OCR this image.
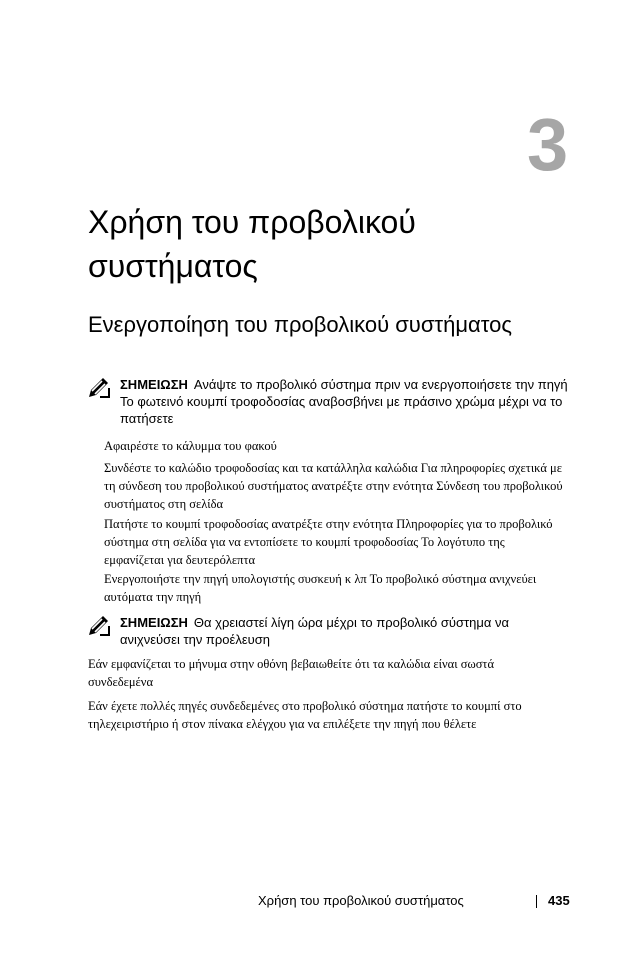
3
Χρήση του προβολικού συστήματος
Ενεργοποίηση του προβολικού συστήματος
ΣΗΜΕΙΩΣΗ Ανάψτε το προβολικό σύστημα πριν να ενεργοποιήσετε την πηγή Το φωτεινό κουμπί τροφοδοσίας αναβοσβήνει με πράσινο χρώμα μέχρι να το πατήσετε
Αφαιρέστε το κάλυμμα του φακού
Συνδέστε το καλώδιο τροφοδοσίας και τα κατάλληλα καλώδια Για πληροφορίες σχετικά με τη σύνδεση του προβολικού συστήματος ανατρέξτε στην ενότητα Σύνδεση του προβολικού συστήματος στη σελίδα
Πατήστε το κουμπί τροφοδοσίας ανατρέξτε στην ενότητα Πληροφορίες για το προβολικό σύστημα στη σελίδα για να εντοπίσετε το κουμπί τροφοδοσίας Το λογότυπο της εμφανίζεται για δευτερόλεπτα
Ενεργοποιήστε την πηγή υπολογιστής συσκευή κ λπ Το προβολικό σύστημα ανιχνεύει αυτόματα την πηγή
ΣΗΜΕΙΩΣΗ Θα χρειαστεί λίγη ώρα μέχρι το προβολικό σύστημα να ανιχνεύσει την προέλευση
Εάν εμφανίζεται το μήνυμα στην οθόνη βεβαιωθείτε ότι τα καλώδια είναι σωστά συνδεδεμένα
Εάν έχετε πολλές πηγές συνδεδεμένες στο προβολικό σύστημα πατήστε το κουμπί στο τηλεχειριστήριο ή στον πίνακα ελέγχου για να επιλέξετε την πηγή που θέλετε
Χρήση του προβολικού συστήματος	435
